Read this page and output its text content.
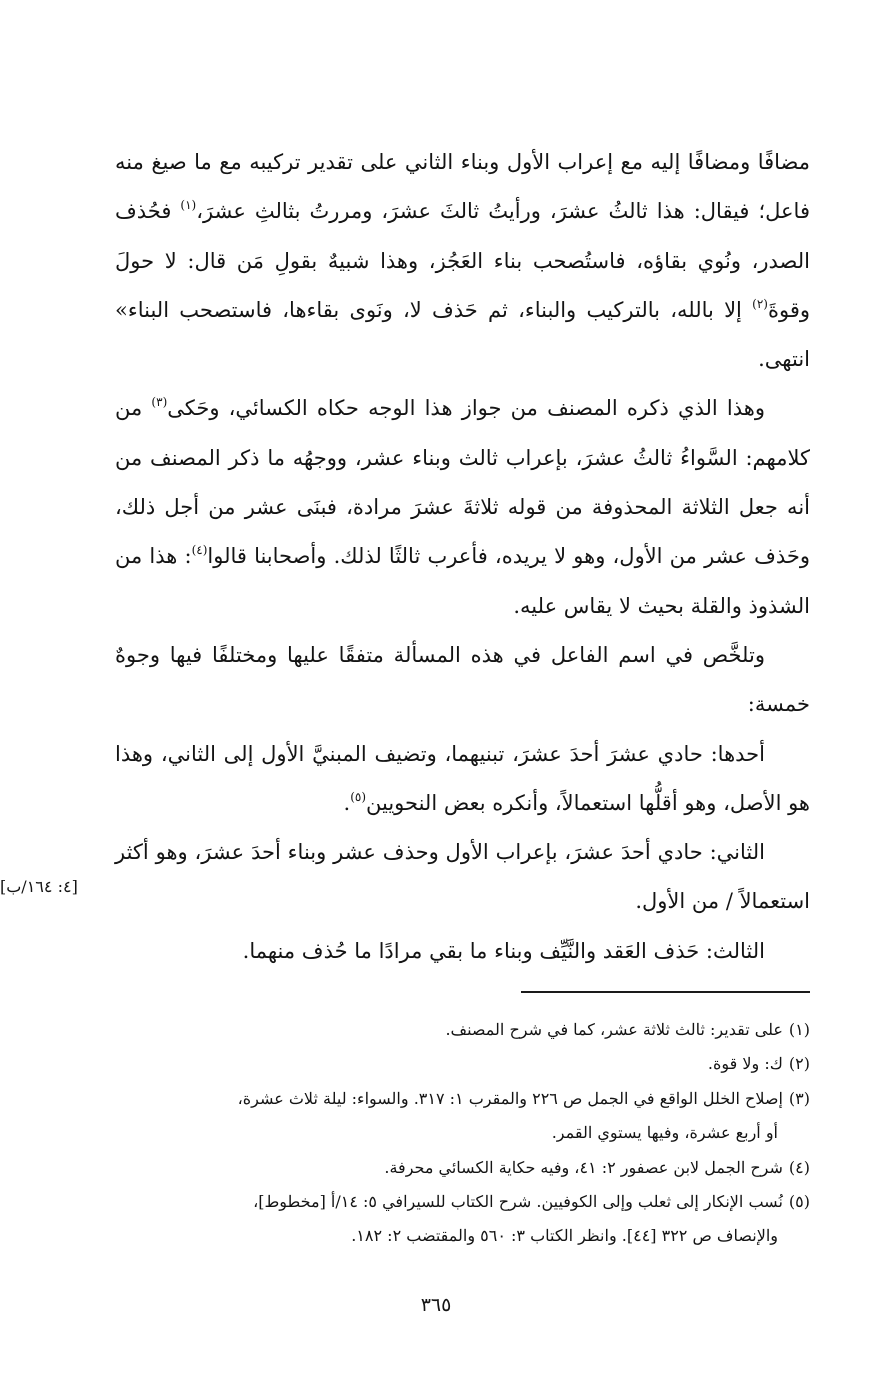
مضافًا ومضافًا إليه مع إعراب الأول وبناء الثاني على تقدير تركيبه مع ما صيغ منه فاعل؛ فيقال: هذا ثالثُ عشرَ، ورأيتُ ثالثَ عشرَ، ومررتُ بثالثِ عشرَ،$^{(١)}$ فحُذف الصدر، ونُوي بقاؤه، فاستُصحب بناء العَجُز، وهذا شبيهٌ بقولِ مَن قال: لا حولَ وقوةَ$^{(٢)}$ إلا بالله، بالتركيب والبناء، ثم حَذف لا، ونَوى بقاءها، فاستصحب البناء» انتهى.

وهذا الذي ذكره المصنف من جواز هذا الوجه حكاه الكسائي، وحَكى$^{(٣)}$ من كلامهم: السَّواءُ ثالثُ عشرَ، بإعراب ثالث وبناء عشر، ووجهُه ما ذكر المصنف من أنه جعل الثلاثة المحذوفة من قوله ثلاثةَ عشرَ مرادة، فبنَى عشر من أجل ذلك، وحَذف عشر من الأول، وهو لا يريده، فأعرب ثالثًا لذلك. وأصحابنا قالوا$^{(٤)}$: هذا من الشذوذ والقلة بحيث لا يقاس عليه.

وتلخَّص في اسم الفاعل في هذه المسألة متفقًا عليها ومختلفًا فيها وجوهٌ خمسة:

أحدها: حادي عشرَ أحدَ عشرَ، تبنيهما، وتضيف المبنيَّ الأول إلى الثاني، وهذا هو الأصل، وهو أقلُّها استعمالاً، وأنكره بعض النحويين$^{(٥)}$.

الثاني: حادي أحدَ عشرَ، بإعراب الأول وحذف عشر وبناء أحدَ عشرَ، وهو أكثر استعمالاً / من الأول.

الثالث: حَذف العَقد والنَّيِّف وبناء ما بقي مرادًا ما حُذف منهما.

[٤: ١٦٤/ب]

(١)على تقدير: ثالث ثلاثة عشر، كما في شرح المصنف.

(٢)ك: ولا قوة.

(٣)إصلاح الخلل الواقع في الجمل ص ٢٢٦ والمقرب ١: ٣١٧. والسواء: ليلة ثلاث عشرة،
أو أربع عشرة، وفيها يستوي القمر.

(٤)شرح الجمل لابن عصفور ٢: ٤١، وفيه حكاية الكسائي محرفة.

(٥)نُسب الإنكار إلى ثعلب وإلى الكوفيين. شرح الكتاب للسيرافي ٥: ١٤/أ [مخطوط]،
والإنصاف ص ٣٢٢ [٤٤]. وانظر الكتاب ٣: ٥٦٠ والمقتضب ٢: ١٨٢.

٣٦٥
